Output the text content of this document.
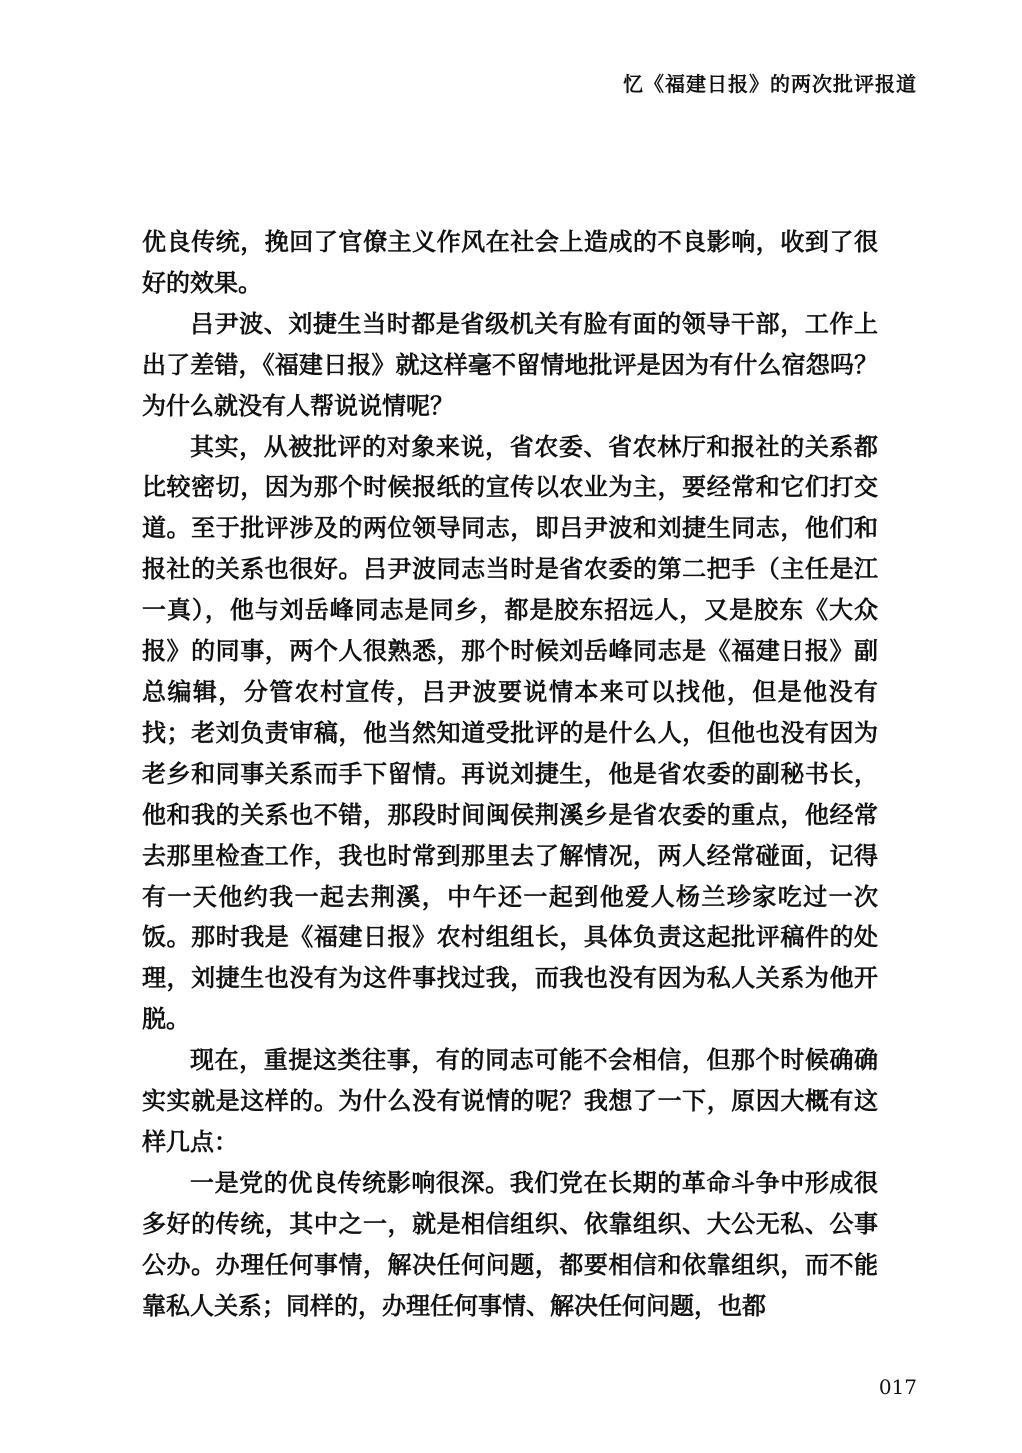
忆《福建日报》的两次批评报道

优良传统，挽回了官僚主义作风在社会上造成的不良影响，收到了很好的效果。

吕尹波、刘捷生当时都是省级机关有脸有面的领导干部，工作上出了差错，《福建日报》就这样毫不留情地批评是因为有什么宿怨吗？为什么就没有人帮说说情呢？

其实，从被批评的对象来说，省农委、省农林厅和报社的关系都比较密切，因为那个时候报纸的宣传以农业为主，要经常和它们打交道。至于批评涉及的两位领导同志，即吕尹波和刘捷生同志，他们和报社的关系也很好。吕尹波同志当时是省农委的第二把手（主任是江一真），他与刘岳峰同志是同乡，都是胶东招远人，又是胶东《大众报》的同事，两个人很熟悉，那个时候刘岳峰同志是《福建日报》副总编辑，分管农村宣传，吕尹波要说情本来可以找他，但是他没有找；老刘负责审稿，他当然知道受批评的是什么人，但他也没有因为老乡和同事关系而手下留情。再说刘捷生，他是省农委的副秘书长，他和我的关系也不错，那段时间闽侯荆溪乡是省农委的重点，他经常去那里检查工作，我也时常到那里去了解情况，两人经常碰面，记得有一天他约我一起去荆溪，中午还一起到他爱人杨兰珍家吃过一次饭。那时我是《福建日报》农村组组长，具体负责这起批评稿件的处理，刘捷生也没有为这件事找过我，而我也没有因为私人关系为他开脱。

现在，重提这类往事，有的同志可能不会相信，但那个时候确确实实就是这样的。为什么没有说情的呢？我想了一下，原因大概有这样几点：

一是党的优良传统影响很深。我们党在长期的革命斗争中形成很多好的传统，其中之一，就是相信组织、依靠组织、大公无私、公事公办。办理任何事情，解决任何问题，都要相信和依靠组织，而不能靠私人关系；同样的，办理任何事情、解决任何问题，也都

017
